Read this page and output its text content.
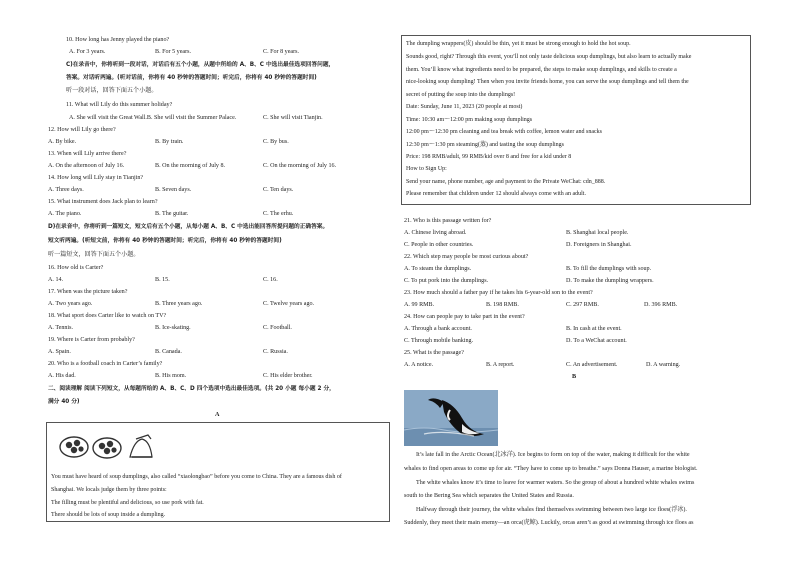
10. How long has Jenny played the piano?
A. For 3 years.	B. For 5 years.	C. For 8 years.
C)在录音中，你将听到一段对话，对话后有五个小题，从题中所给的 A、B、C 中选出最佳选项回答问题，
答案。对话听两遍。(听对话前，你将有 40 秒钟的答题时间；听完后，你将有 40 秒钟的答题时间)
听一段对话，回答下面五个小题。
11. What will Lily do this summer holiday?
A. She will visit the Great Wall.B. She will visit the Summer Palace.	C. She will visit Tianjin.
12. How will Lily go there?
A. By bike.	B. By train.	C. By bus.
13. When will Lily arrive there?
A. On the afternoon of July 16.	B. On the morning of July 8.	C. On the morning of July 16.
14. How long will Lily stay in Tianjin?
A. Three days.	B. Seven days.	C. Ten days.
15. What instrument does Jack plan to learn?
A. The piano.	B. The guitar.	C. The erhu.
D)在录音中，你将听到一篇短文，短文后有五个小题，从每小题 A、B、C 中选出能回答所提问题的正确答案。
短文听两遍。(听短文前，你将有 40 秒钟的答题时间；听完后，你将有 40 秒钟的答题时间)
听一篇短文，回答下面五个小题。
16. How old is Carter?
A. 14.	B. 15.	C. 16.
17. When was the picture taken?
A. Two years ago.	B. Three years ago.	C. Twelve years ago.
18. What sport does Carter like to watch on TV?
A. Tennis.	B. Ice-skating.	C. Football.
19. Where is Carter from probably?
A. Spain.	B. Canada.	C. Russia.
20. Who is a football coach in Carter’s family?
A. His dad.	B. His mom.	C. His elder brother.
二、阅读理解 阅读下列短文，从每题所给的 A、B、C、D 四个选项中选出最佳选项。(共 20 小题 每小题 2 分，
满分 40 分)
A
You must have heard of soup dumplings, also called “xiaolongbao” before you come to China. They are a famous dish of
Shanghai. We locals judge them by three points:
The filling must be plentiful and delicious, so use pork with fat.
There should be lots of soup inside a dumpling.
The dumpling wrappers(皮) should be thin, yet it must be strong enough to hold the hot soup.
Sounds good, right? Through this event, you’ll not only taste delicious soup dumplings, but also learn to actually make
them. You’ll know what ingredients need to be prepared, the steps to make soup dumplings, and skills to create a
nice-looking soup dumpling! Then when you invite friends home, you can serve the soup dumplings and tell them the
secret of putting the soup into the dumplings!
Date: Sunday, June 11, 2023 (20 people at most)
Time: 10:30 am～12:00 pm making soup dumplings
12:00 pm～12:30 pm cleaning and tea break with coffee, lemon water and snacks
12:30 pm～1:30 pm steaming(蒸) and tasting the soup dumplings
Price: 198 RMB/adult, 99 RMB/kid over 8 and free for a kid under 8
How to Sign Up:
Send your name, phone number, age and payment to the Private WeChat: cdn_888.
Please remember that children under 12 should always come with an adult.
21. Who is this passage written for?
A. Chinese living abroad.	B. Shanghai local people.
C. People in other countries.	D. Foreigners in Shanghai.
22. Which step may people be most curious about?
A. To steam the dumplings.	B. To fill the dumplings with soup.
C. To put pork into the dumplings.	D. To make the dumpling wrappers.
23. How much should a father pay if he takes his 6-year-old son to the event?
A. 99 RMB.	B. 198 RMB.	C. 297 RMB.	D. 396 RMB.
24. How can people pay to take part in the event?
A. Through a bank account.	B. In cash at the event.
C. Through mobile banking.	D. To a WeChat account.
25. What is the passage?
A. A notice.	B. A report.	C. An advertisement.	D. A warning.
B
It’s late fall in the Arctic Ocean(北冰洋). Ice begins to form on top of the water, making it difficult for the white
whales to find open areas to come up for air. “They have to come up to breathe.” says Donna Hauser, a marine biologist.
The white whales know it’s time to leave for warmer waters. So the group of about a hundred white whales swims
south to the Bering Sea which separates the United States and Russia.
Halfway through their journey, the white whales find themselves swimming between two large ice floes(浮冰).
Suddenly, they meet their main enemy—an orca(虎鲸). Luckily, orcas aren’t as good at swimming through ice floes as
